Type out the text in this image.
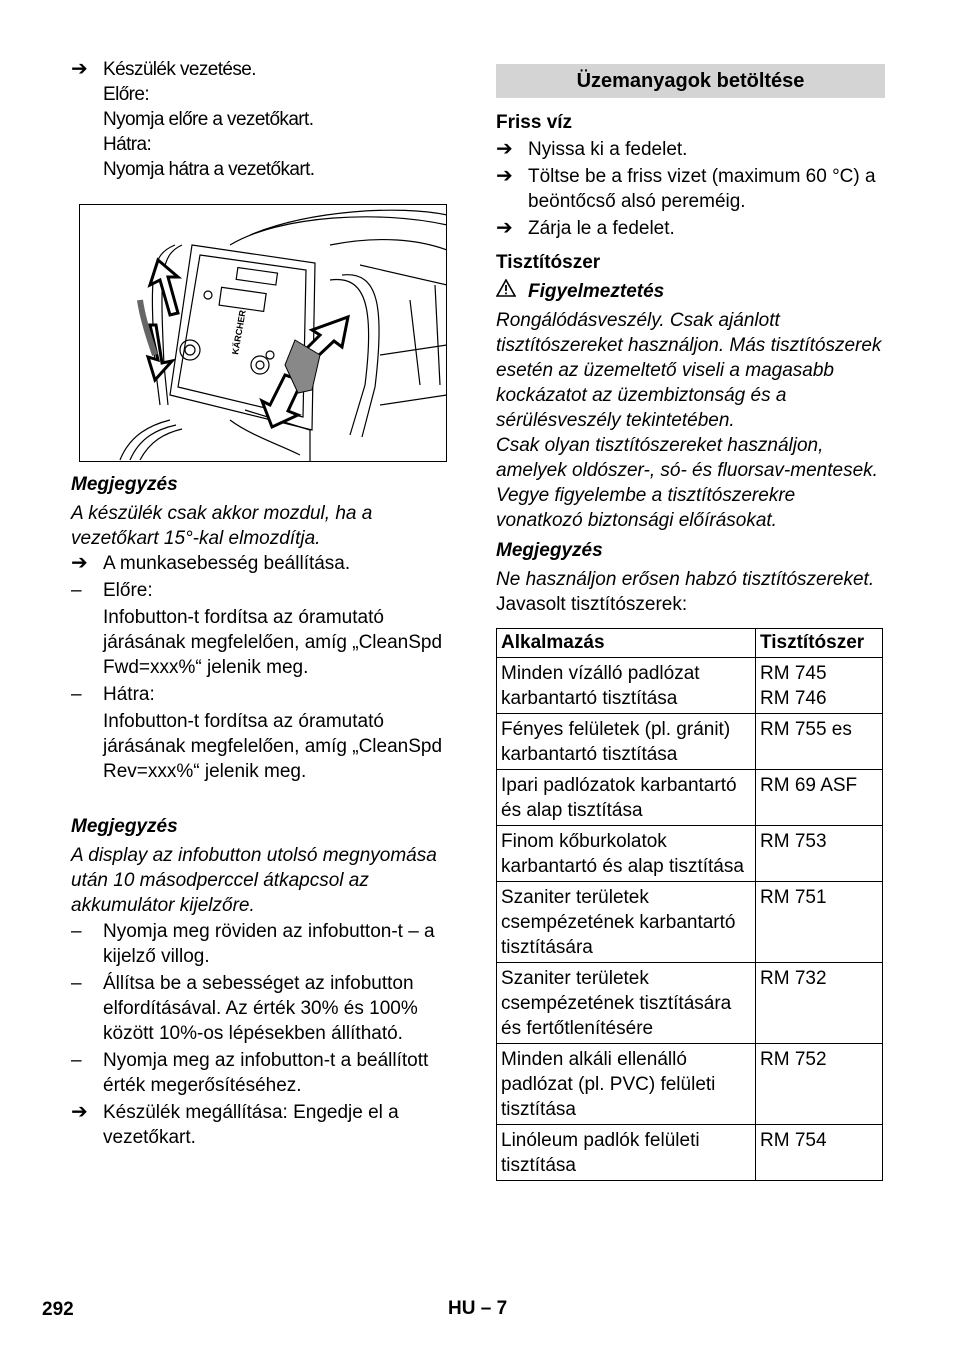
➔ Készülék vezetése.
Előre:
Nyomja előre a vezetőkart.
Hátra:
Nyomja hátra a vezetőkart.
KÄRCHER
Megjegyzés
A készülék csak akkor mozdul, ha a vezetőkart 15°-kal elmozdítja.
➔ A munkasebesség beállítása.
–	Előre:
Infobutton-t fordítsa az óramutató járásának megfelelően, amíg „CleanSpd Fwd=xxx%“ jelenik meg.
–	Hátra:
Infobutton-t fordítsa az óramutató járásának megfelelően, amíg „CleanSpd Rev=xxx%“ jelenik meg.
Megjegyzés
A display az infobutton utolsó megnyomása után 10 másodperccel átkapcsol az akkumulátor kijelzőre.
–	Nyomja meg röviden az infobutton-t – a kijelző villog.
–	Állítsa be a sebességet az infobutton elfordításával. Az érték 30% és 100% között 10%-os lépésekben állítható.
–	Nyomja meg az infobutton-t a beállított érték megerősítéséhez.
➔ Készülék megállítása: Engedje el a vezetőkart.
Üzemanyagok betöltése
Friss víz
➔ Nyissa ki a fedelet.
➔ Töltse be a friss vizet (maximum 60 °C) a beöntőcső alsó pereméig.
➔ Zárja le a fedelet.
Tisztítószer
Figyelmeztetés
Rongálódásveszély. Csak ajánlott tisztítószereket használjon. Más tisztítószerek esetén az üzemeltető viseli a magasabb kockázatot az üzembiztonság és a sérülésveszély tekintetében.
Csak olyan tisztítószereket használjon, amelyek oldószer-, só- és fluorsav-mentesek.
Vegye figyelembe a tisztítószerekre vonatkozó biztonsági előírásokat.
Megjegyzés
Ne használjon erősen habzó tisztítószereket.
Javasolt tisztítószerek:
Alkalmazás	Tisztítószer
Minden vízálló padlózat karbantartó tisztítása	RM 745
RM 746
Fényes felületek (pl. gránit) karbantartó tisztítása	RM 755 es
Ipari padlózatok karbantartó és alap tisztítása	RM 69 ASF
Finom kőburkolatok karbantartó és alap tisztítása	RM 753
Szaniter területek csempézetének karbantartó tisztítására	RM 751
Szaniter területek csempézetének tisztítására és fertőtlenítésére	RM 732
Minden alkáli ellenálló padlózat (pl. PVC) felületi tisztítása	RM 752
Linóleum padlók felületi tisztítása	RM 754
292	HU – 7
